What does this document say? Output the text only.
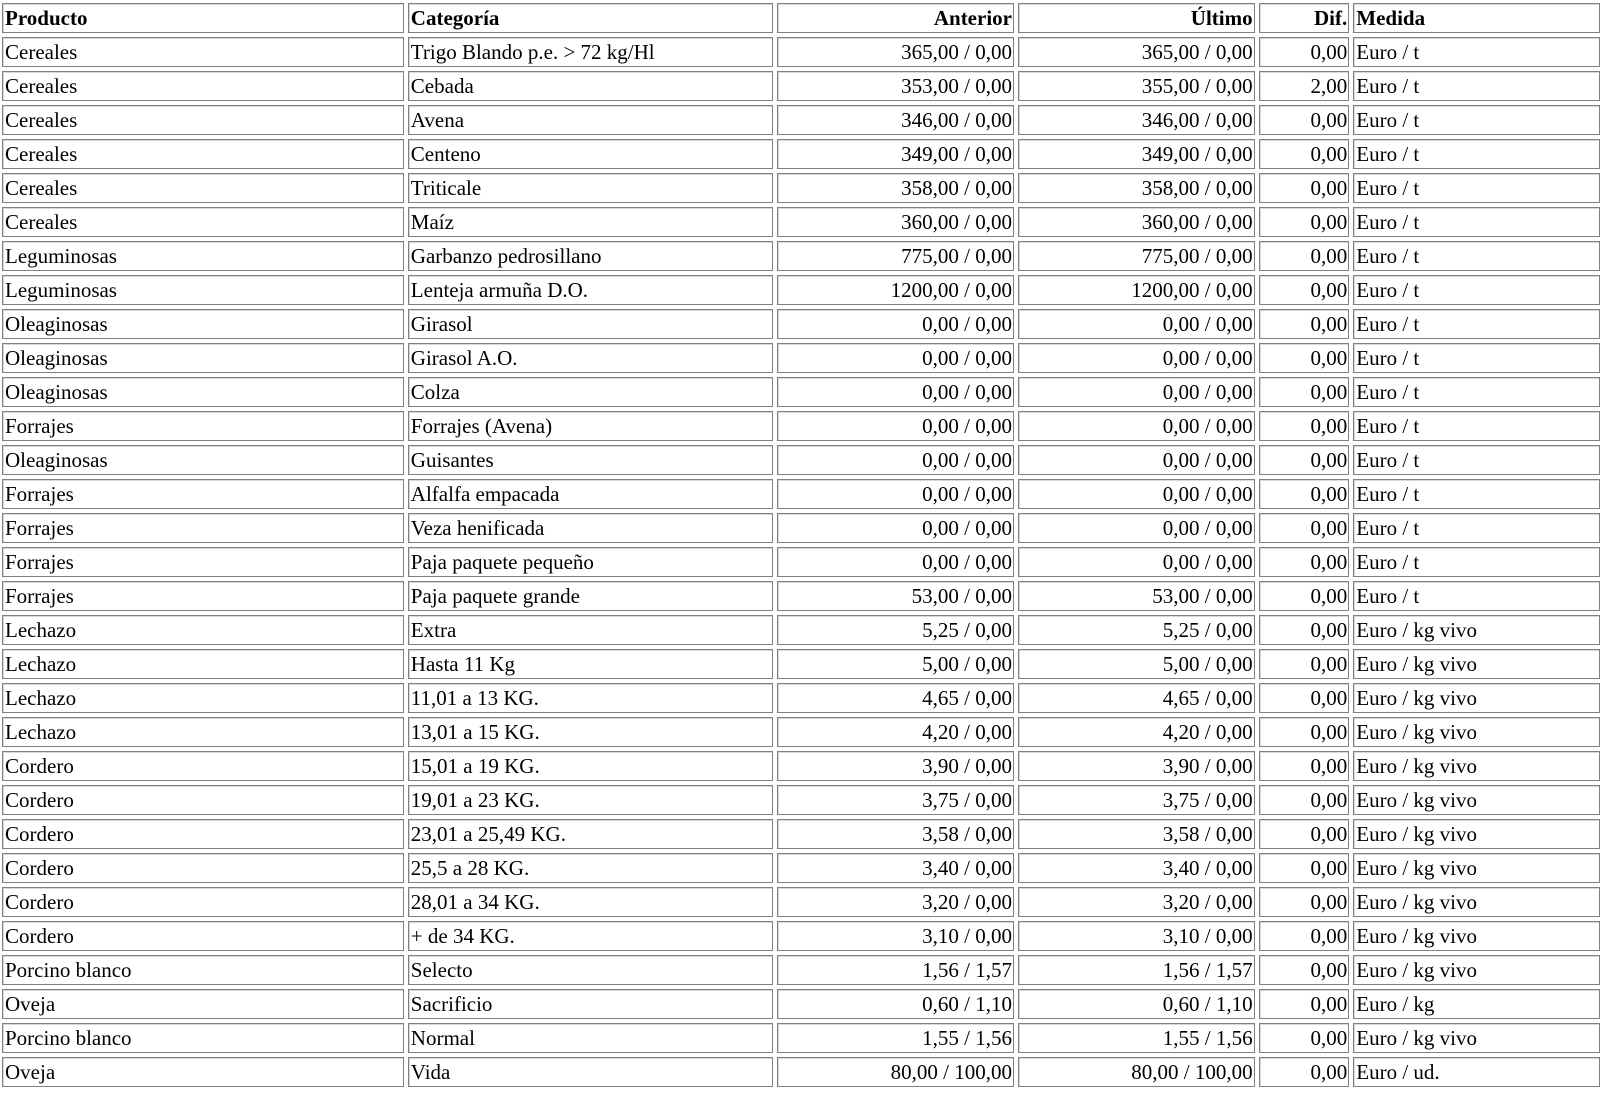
Producto	Categoría	Anterior	Último	Dif.	Medida
Cereales	Trigo Blando p.e. > 72 kg/Hl	365,00 / 0,00	365,00 / 0,00	0,00	Euro / t
Cereales	Cebada	353,00 / 0,00	355,00 / 0,00	2,00	Euro / t
Cereales	Avena	346,00 / 0,00	346,00 / 0,00	0,00	Euro / t
Cereales	Centeno	349,00 / 0,00	349,00 / 0,00	0,00	Euro / t
Cereales	Triticale	358,00 / 0,00	358,00 / 0,00	0,00	Euro / t
Cereales	Maíz	360,00 / 0,00	360,00 / 0,00	0,00	Euro / t
Leguminosas	Garbanzo pedrosillano	775,00 / 0,00	775,00 / 0,00	0,00	Euro / t
Leguminosas	Lenteja armuña D.O.	1200,00 / 0,00	1200,00 / 0,00	0,00	Euro / t
Oleaginosas	Girasol	0,00 / 0,00	0,00 / 0,00	0,00	Euro / t
Oleaginosas	Girasol A.O.	0,00 / 0,00	0,00 / 0,00	0,00	Euro / t
Oleaginosas	Colza	0,00 / 0,00	0,00 / 0,00	0,00	Euro / t
Forrajes	Forrajes (Avena)	0,00 / 0,00	0,00 / 0,00	0,00	Euro / t
Oleaginosas	Guisantes	0,00 / 0,00	0,00 / 0,00	0,00	Euro / t
Forrajes	Alfalfa empacada	0,00 / 0,00	0,00 / 0,00	0,00	Euro / t
Forrajes	Veza henificada	0,00 / 0,00	0,00 / 0,00	0,00	Euro / t
Forrajes	Paja paquete pequeño	0,00 / 0,00	0,00 / 0,00	0,00	Euro / t
Forrajes	Paja paquete grande	53,00 / 0,00	53,00 / 0,00	0,00	Euro / t
Lechazo	Extra	5,25 / 0,00	5,25 / 0,00	0,00	Euro / kg vivo
Lechazo	Hasta 11 Kg	5,00 / 0,00	5,00 / 0,00	0,00	Euro / kg vivo
Lechazo	11,01 a 13 KG.	4,65 / 0,00	4,65 / 0,00	0,00	Euro / kg vivo
Lechazo	13,01 a 15 KG.	4,20 / 0,00	4,20 / 0,00	0,00	Euro / kg vivo
Cordero	15,01 a 19 KG.	3,90 / 0,00	3,90 / 0,00	0,00	Euro / kg vivo
Cordero	19,01 a 23 KG.	3,75 / 0,00	3,75 / 0,00	0,00	Euro / kg vivo
Cordero	23,01 a 25,49 KG.	3,58 / 0,00	3,58 / 0,00	0,00	Euro / kg vivo
Cordero	25,5 a 28 KG.	3,40 / 0,00	3,40 / 0,00	0,00	Euro / kg vivo
Cordero	28,01 a 34 KG.	3,20 / 0,00	3,20 / 0,00	0,00	Euro / kg vivo
Cordero	+ de 34 KG.	3,10 / 0,00	3,10 / 0,00	0,00	Euro / kg vivo
Porcino blanco	Selecto	1,56 / 1,57	1,56 / 1,57	0,00	Euro / kg vivo
Oveja	Sacrificio	0,60 / 1,10	0,60 / 1,10	0,00	Euro / kg
Porcino blanco	Normal	1,55 / 1,56	1,55 / 1,56	0,00	Euro / kg vivo
Oveja	Vida	80,00 / 100,00	80,00 / 100,00	0,00	Euro / ud.
